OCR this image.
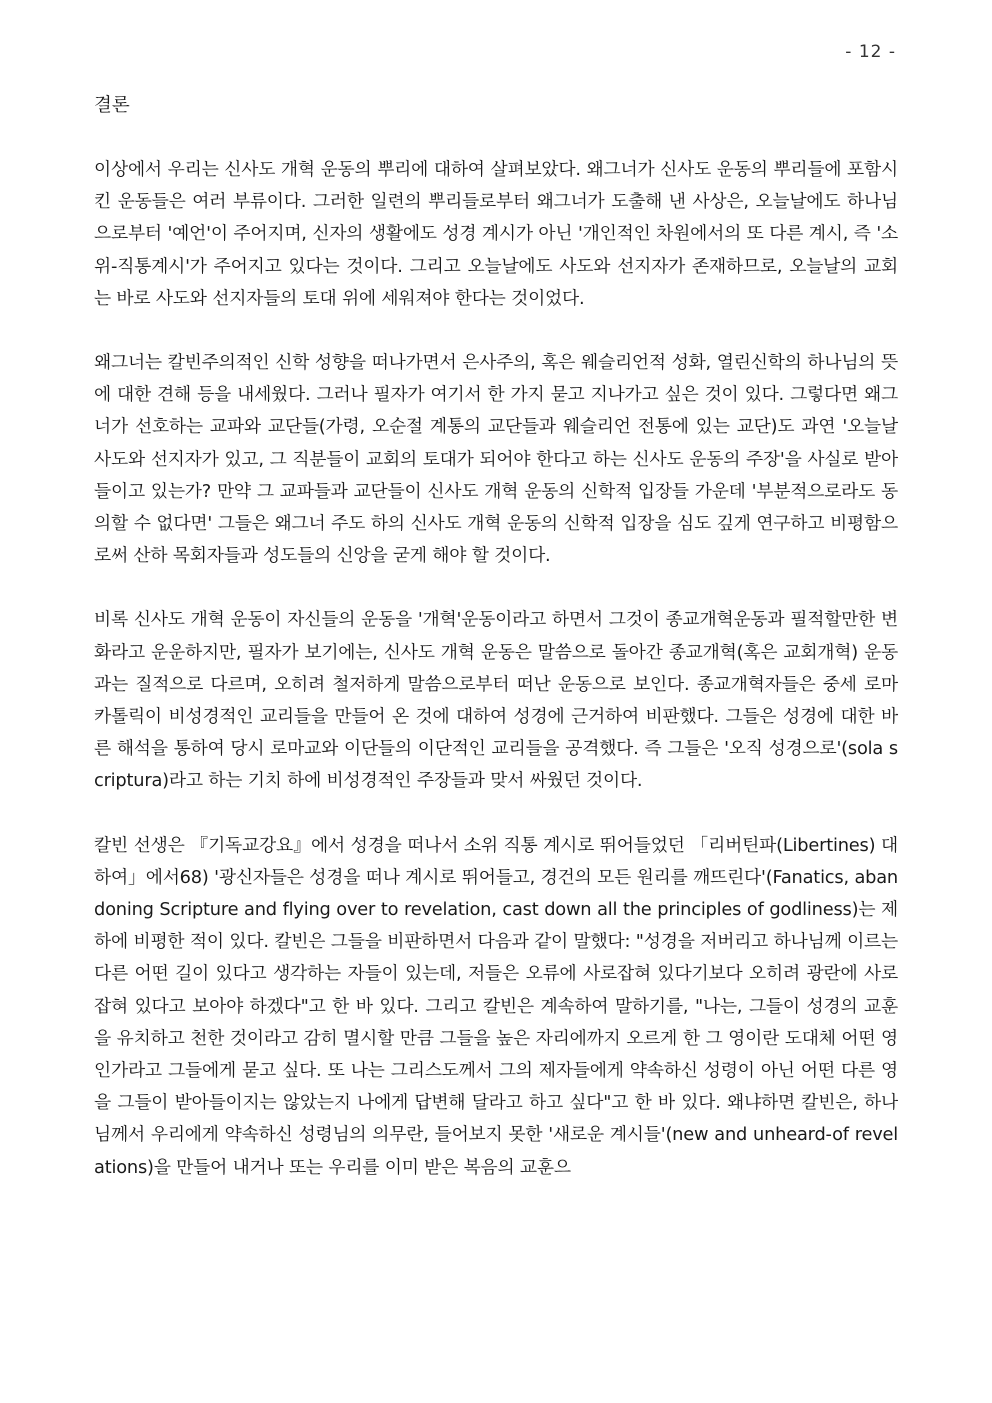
- 12 -
결론

이상에서 우리는 신사도 개혁 운동의 뿌리에 대하여 살펴보았다. 왜그너가 신사도 운동의 뿌리들에 포함시킨 운동들은 여러 부류이다. 그러한 일련의 뿌리들로부터 왜그너가 도출해 낸 사상은, 오늘날에도 하나님으로부터 '예언'이 주어지며, 신자의 생활에도 성경 계시가 아닌 '개인적인 차원에서의 또 다른 계시, 즉 '소위-직통계시'가 주어지고 있다는 것이다. 그리고 오늘날에도 사도와 선지자가 존재하므로, 오늘날의 교회는 바로 사도와 선지자들의 토대 위에 세워져야 한다는 것이었다.

왜그너는 칼빈주의적인 신학 성향을 떠나가면서 은사주의, 혹은 웨슬리언적 성화, 열린신학의 하나님의 뜻에 대한 견해 등을 내세웠다. 그러나 필자가 여기서 한 가지 묻고 지나가고 싶은 것이 있다. 그렇다면 왜그너가 선호하는 교파와 교단들(가령, 오순절 계통의 교단들과 웨슬리언 전통에 있는 교단)도 과연 '오늘날 사도와 선지자가 있고, 그 직분들이 교회의 토대가 되어야 한다고 하는 신사도 운동의 주장'을 사실로 받아들이고 있는가? 만약 그 교파들과 교단들이 신사도 개혁 운동의 신학적 입장들 가운데 '부분적으로라도 동의할 수 없다면' 그들은 왜그너 주도 하의 신사도 개혁 운동의 신학적 입장을 심도 깊게 연구하고 비평함으로써 산하 목회자들과 성도들의 신앙을 굳게 해야 할 것이다.

비록 신사도 개혁 운동이 자신들의 운동을 '개혁'운동이라고 하면서 그것이 종교개혁운동과 필적할만한 변화라고 운운하지만, 필자가 보기에는, 신사도 개혁 운동은 말씀으로 돌아간 종교개혁(혹은 교회개혁) 운동과는 질적으로 다르며, 오히려 철저하게 말씀으로부터 떠난 운동으로 보인다. 종교개혁자들은 중세 로마 카톨릭이 비성경적인 교리들을 만들어 온 것에 대하여 성경에 근거하여 비판했다. 그들은 성경에 대한 바른 해석을 통하여 당시 로마교와 이단들의 이단적인 교리들을 공격했다. 즉 그들은 '오직 성경으로'(sola scriptura)라고 하는 기치 하에 비성경적인 주장들과 맞서 싸웠던 것이다.

칼빈 선생은 『기독교강요』에서 성경을 떠나서 소위 직통 계시로 뛰어들었던 「리버틴파(Libertines) 대하여」에서68) '광신자들은 성경을 떠나 계시로 뛰어들고, 경건의 모든 원리를 깨뜨린다'(Fanatics, abandoning Scripture and flying over to revelation, cast down all the principles of godliness)는 제하에 비평한 적이 있다. 칼빈은 그들을 비판하면서 다음과 같이 말했다: "성경을 저버리고 하나님께 이르는 다른 어떤 길이 있다고 생각하는 자들이 있는데, 저들은 오류에 사로잡혀 있다기보다 오히려 광란에 사로잡혀 있다고 보아야 하겠다"고 한 바 있다. 그리고 칼빈은 계속하여 말하기를, "나는, 그들이 성경의 교훈을 유치하고 천한 것이라고 감히 멸시할 만큼 그들을 높은 자리에까지 오르게 한 그 영이란 도대체 어떤 영인가라고 그들에게 묻고 싶다. 또 나는 그리스도께서 그의 제자들에게 약속하신 성령이 아닌 어떤 다른 영을 그들이 받아들이지는 않았는지 나에게 답변해 달라고 하고 싶다"고 한 바 있다. 왜냐하면 칼빈은, 하나님께서 우리에게 약속하신 성령님의 의무란, 들어보지 못한 '새로운 계시들'(new and unheard-of revelations)을 만들어 내거나 또는 우리를 이미 받은 복음의 교훈으
